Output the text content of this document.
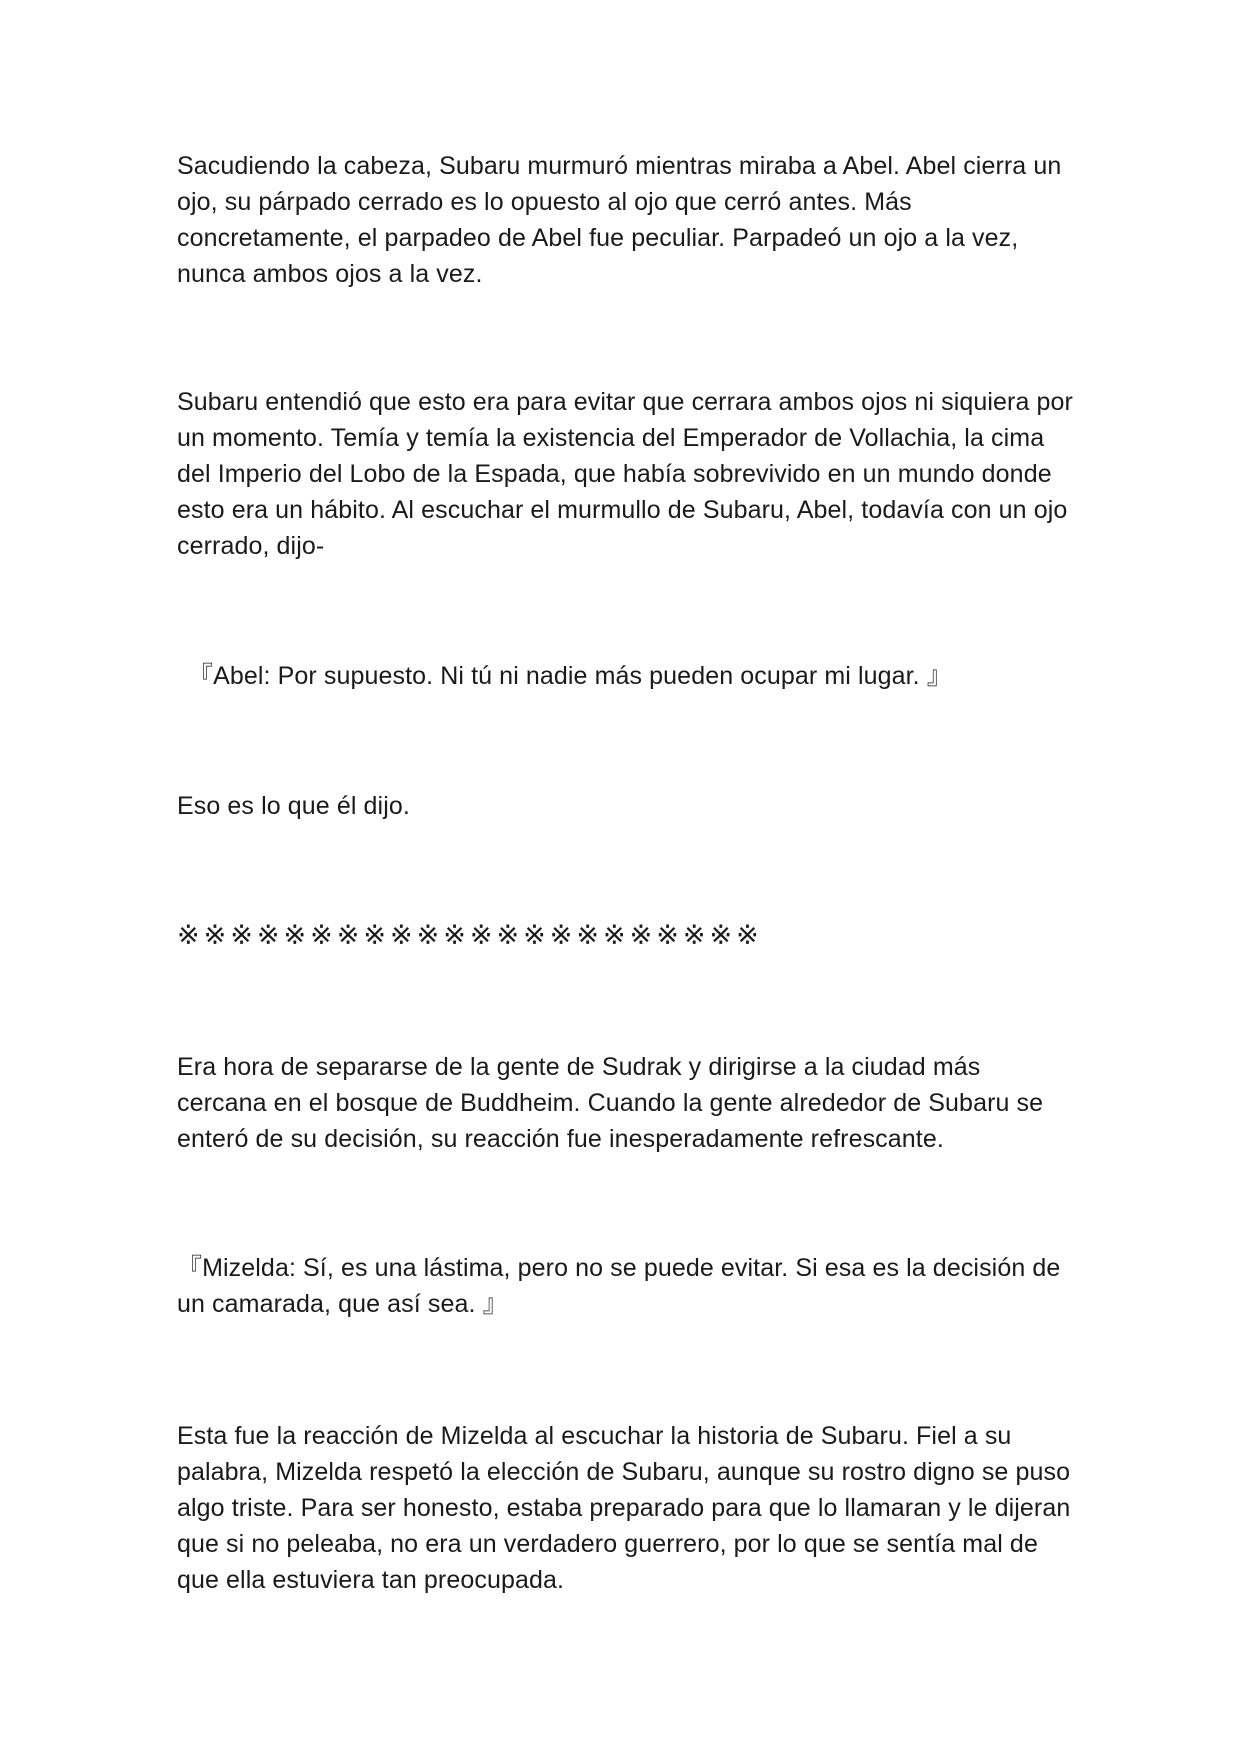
Sacudiendo la cabeza, Subaru murmuró mientras miraba a Abel. Abel cierra un ojo, su párpado cerrado es lo opuesto al ojo que cerró antes. Más concretamente, el parpadeo de Abel fue peculiar. Parpadeó un ojo a la vez, nunca ambos ojos a la vez.

Subaru entendió que esto era para evitar que cerrara ambos ojos ni siquiera por un momento. Temía y temía la existencia del Emperador de Vollachia, la cima del Imperio del Lobo de la Espada, que había sobrevivido en un mundo donde esto era un hábito. Al escuchar el murmullo de Subaru, Abel, todavía con un ojo cerrado, dijo-

『Abel: Por supuesto. Ni tú ni nadie más pueden ocupar mi lugar. 』

Eso es lo que él dijo.

※※※※※※※※※※※※※※※※※※※※※※

Era hora de separarse de la gente de Sudrak y dirigirse a la ciudad más cercana en el bosque de Buddheim. Cuando la gente alrededor de Subaru se enteró de su decisión, su reacción fue inesperadamente refrescante.

『Mizelda: Sí, es una lástima, pero no se puede evitar. Si esa es la decisión de un camarada, que así sea. 』

Esta fue la reacción de Mizelda al escuchar la historia de Subaru. Fiel a su palabra, Mizelda respetó la elección de Subaru, aunque su rostro digno se puso algo triste. Para ser honesto, estaba preparado para que lo llamaran y le dijeran que si no peleaba, no era un verdadero guerrero, por lo que se sentía mal de que ella estuviera tan preocupada.
